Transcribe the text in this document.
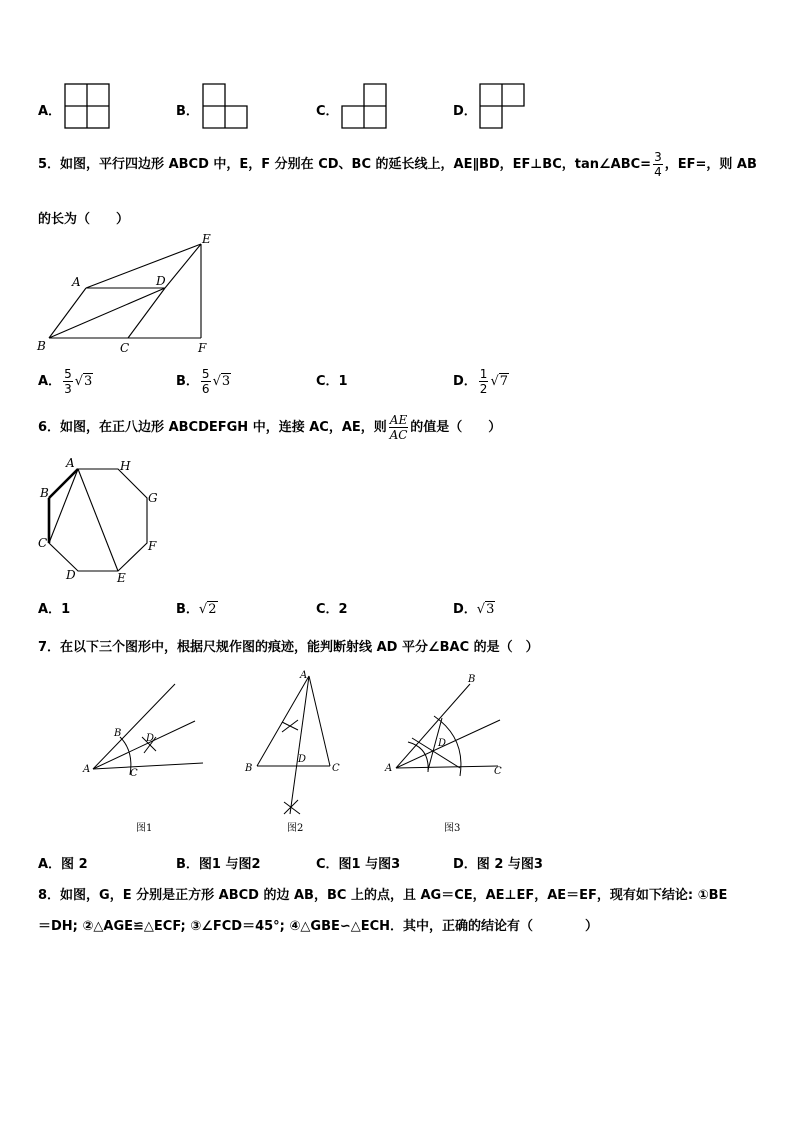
A．	B．	C．	D．
5．如图，平行四边形 ABCD 中，E，F 分别在 CD、BC 的延长线上，AE∥BD，EF⊥BC，tan∠ABC= $\frac{3}{4}$ ，EF=，则 AB
的长为（　　）
A	D
E
B	C	F
A． $\frac{5}{3} √3$	B． $\frac{5}{6} √3$	C．1	D． $\frac{1}{2} √7$
6．如图，在正八边形 ABCDEFGH 中，连接 AC，AE，则 $\frac{AE}{AC}$ 的值是（　　）
A	H
B	G
C	F
D	E
A．1	B．√2	C．2	D．√3
7．在以下三个图形中，根据尺规作图的痕迹，能判断射线 AD 平分∠BAC 的是（　）
A
B D
C
图1
A
B
D
C
图2
A
B
D
C
图3
A．图 2	B．图1 与图2	C．图1 与图3	D．图 2 与图3
8．如图，G，E 分别是正方形 ABCD 的边 AB，BC 上的点，且 AG＝CE，AE⊥EF，AE＝EF，现有如下结论: ①BE
＝DH; ②△AGE≌△ECF; ③∠FCD＝45°; ④△GBE∽△ECH．其中，正确的结论有（　　　　）
